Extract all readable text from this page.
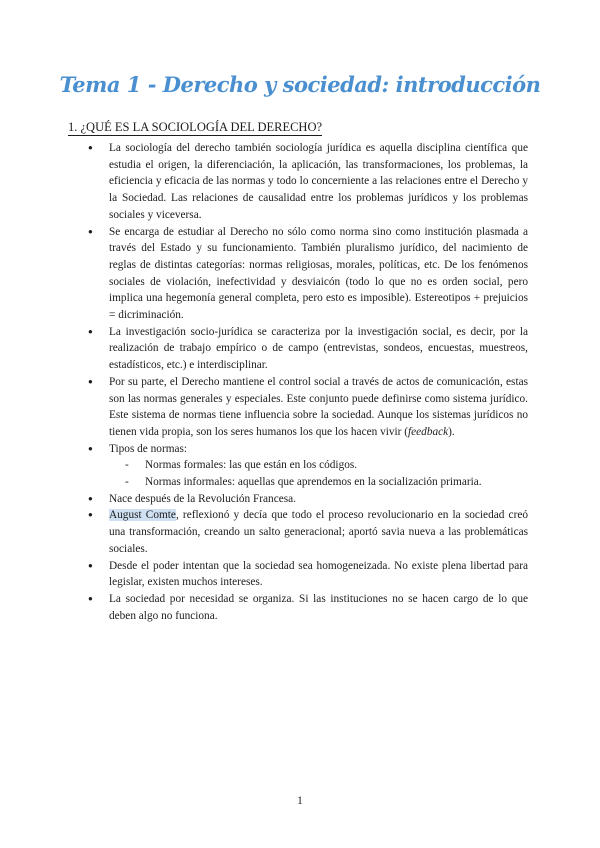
Tema 1 - Derecho y sociedad: introducción
1. ¿QUÉ ES LA SOCIOLOGÍA DEL DERECHO?
● La sociología del derecho también sociología jurídica es aquella disciplina científica que estudia el origen, la diferenciación, la aplicación, las transformaciones, los problemas, la eficiencia y eficacia de las normas y todo lo concerniente a las relaciones entre el Derecho y la Sociedad. Las relaciones de causalidad entre los problemas jurídicos y los problemas sociales y viceversa.
● Se encarga de estudiar al Derecho no sólo como norma sino como institución plasmada a través del Estado y su funcionamiento. También pluralismo jurídico, del nacimiento de reglas de distintas categorías: normas religiosas, morales, políticas, etc. De los fenómenos sociales de violación, inefectividad y desviaicón (todo lo que no es orden social, pero implica una hegemonía general completa, pero esto es imposible). Estereotipos + prejuicios = dicriminación.
● La investigación socio-jurídica se caracteriza por la investigación social, es decir, por la realización de trabajo empírico o de campo (entrevistas, sondeos, encuestas, muestreos, estadísticos, etc.) e interdisciplinar.
● Por su parte, el Derecho mantiene el control social a través de actos de comunicación, estas son las normas generales y especiales. Este conjunto puede definirse como sistema jurídico. Este sistema de normas tiene influencia sobre la sociedad. Aunque los sistemas jurídicos no tienen vida propia, son los seres humanos los que los hacen vivir (feedback).
● Tipos de normas:
- Normas formales: las que están en los códigos.
- Normas informales: aquellas que aprendemos en la socialización primaria.
● Nace después de la Revolución Francesa.
● August Comte, reflexionó y decía que todo el proceso revolucionario en la sociedad creó una transformación, creando un salto generacional; aportó savia nueva a las problemáticas sociales.
● Desde el poder intentan que la sociedad sea homogeneizada. No existe plena libertad para legislar, existen muchos intereses.
● La sociedad por necesidad se organiza. Si las instituciones no se hacen cargo de lo que deben algo no funciona.
1
